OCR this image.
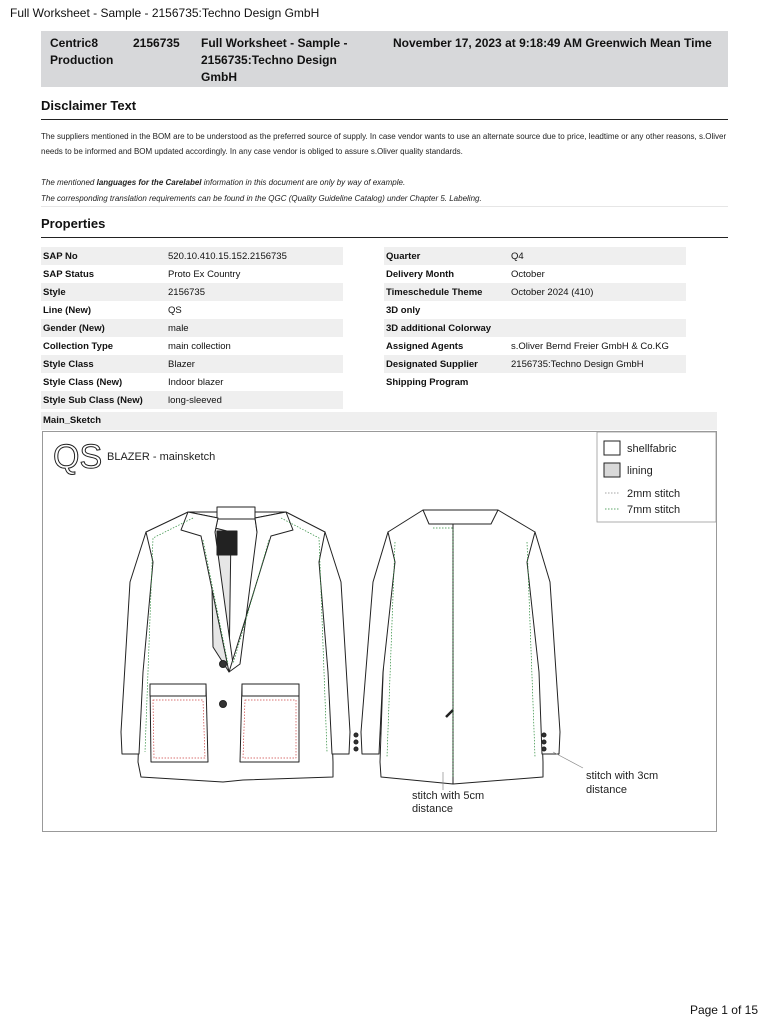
Full Worksheet - Sample - 2156735:Techno Design GmbH
Centric8 Production
2156735 Full Worksheet - Sample - 2156735:Techno Design GmbH
November 17, 2023 at 9:18:49 AM Greenwich Mean Time
Disclaimer Text
The suppliers mentioned in the BOM are to be understood as the preferred source of supply. In case vendor wants to use an alternate source due to price, leadtime or any other reasons, s.Oliver needs to be informed and BOM updated accordingly. In any case vendor is obliged to assure s.Oliver quality standards.
The mentioned languages for the Carelabel information in this document are only by way of example.
The corresponding translation requirements can be found in the QGC (Quality Guideline Catalog) under Chapter 5. Labeling.
Properties
SAP No	520.10.410.15.152.2156735
SAP Status	Proto Ex Country
Style	2156735
Line (New)	QS
Gender (New)	male
Collection Type	main collection
Style Class	Blazer
Style Class (New)	Indoor blazer
Style Sub Class (New)	long-sleeved
Quarter	Q4
Delivery Month	October
Timeschedule Theme	October 2024 (410)
3D only	
3D additional Colorway	
Assigned Agents	s.Oliver Bernd Freier GmbH & Co.KG
Designated Supplier	2156735:Techno Design GmbH
Shipping Program	
Main_Sketch
QS BLAZER - mainsketch
shellfabric
lining
2mm stitch
7mm stitch
stitch with 5cm
distance
stitch with 3cm
distance
Page 1 of 15
